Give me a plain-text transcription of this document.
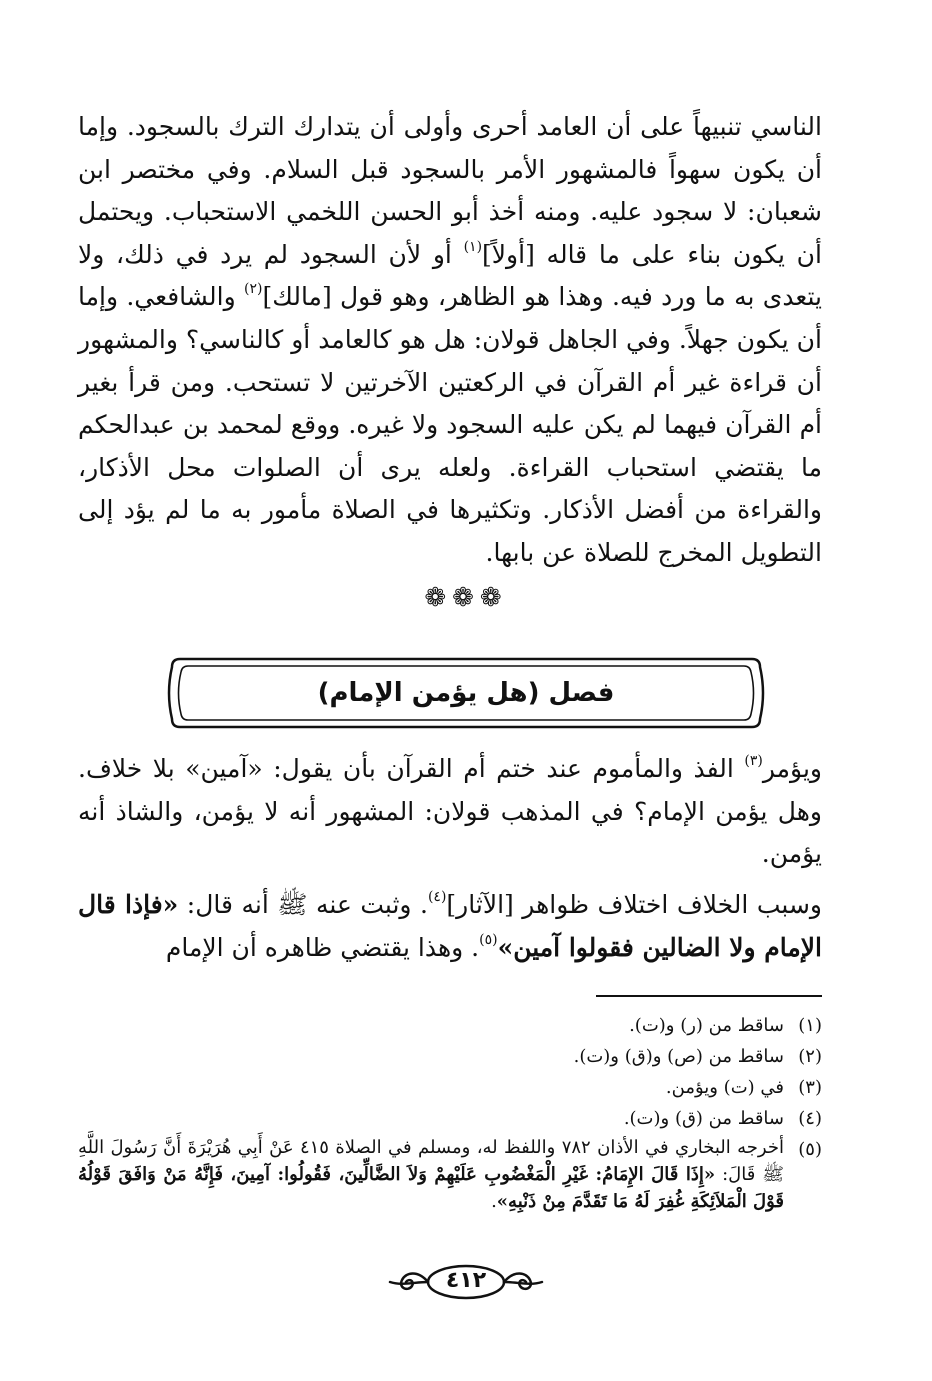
الناسي تنبيهاً على أن العامد أحرى وأولى أن يتدارك الترك بالسجود. وإما أن يكون سهواً فالمشهور الأمر بالسجود قبل السلام. وفي مختصر ابن شعبان: لا سجود عليه. ومنه أخذ أبو الحسن اللخمي الاستحباب. ويحتمل أن يكون بناء على ما قاله [أولاً]$^{(١)}$ أو لأن السجود لم يرد في ذلك، ولا يتعدى به ما ورد فيه. وهذا هو الظاهر، وهو قول [مالك]$^{(٢)}$ والشافعي. وإما أن يكون جهلاً. وفي الجاهل قولان: هل هو كالعامد أو كالناسي؟ والمشهور أن قراءة غير أم القرآن في الركعتين الآخرتين لا تستحب. ومن قرأ بغير أم القرآن فيهما لم يكن عليه السجود ولا غيره. ووقع لمحمد بن عبدالحكم ما يقتضي استحباب القراءة. ولعله يرى أن الصلوات محل الأذكار، والقراءة من أفضل الأذكار. وتكثيرها في الصلاة مأمور به ما لم يؤد إلى التطويل المخرج للصلاة عن بابها.

❁❁❁
فصل (هل يؤمن الإمام)

ويؤمر$^{(٣)}$ الفذ والمأموم عند ختم أم القرآن بأن يقول: «آمين» بلا خلاف. وهل يؤمن الإمام؟ في المذهب قولان: المشهور أنه لا يؤمن، والشاذ أنه يؤمن.

وسبب الخلاف اختلاف ظواهر [الآثار]$^{(٤)}$. وثبت عنه ﷺ أنه قال: «فإذا قال الإمام ولا الضالين فقولوا آمين»$^{(٥)}$. وهذا يقتضي ظاهره أن الإمام

(١)
ساقط من (ر) و(ت).
(٢)
ساقط من (ص) و(ق) و(ت).
(٣)
في (ت) ويؤمن.
(٤)
ساقط من (ق) و(ت).
(٥)
أخرجه البخاري في الأذان ٧٨٢ واللفظ له، ومسلم في الصلاة ٤١٥ عَنْ أَبِي هُرَيْرَةَ أَنَّ رَسُولَ اللَّهِ ﷺ قَالَ: «إِذَا قَالَ الإِمَامُ: غَيْرِ الْمَغْضُوبِ عَلَيْهِمْ وَلاَ الضَّالِّينَ، فَقُولُوا: آمِينَ، فَإِنَّهُ مَنْ وَافَقَ قَوْلُهُ قَوْلَ الْمَلاَئِكَةِ غُفِرَ لَهُ مَا تَقَدَّمَ مِنْ ذَنْبِهِ».
٤١٢
